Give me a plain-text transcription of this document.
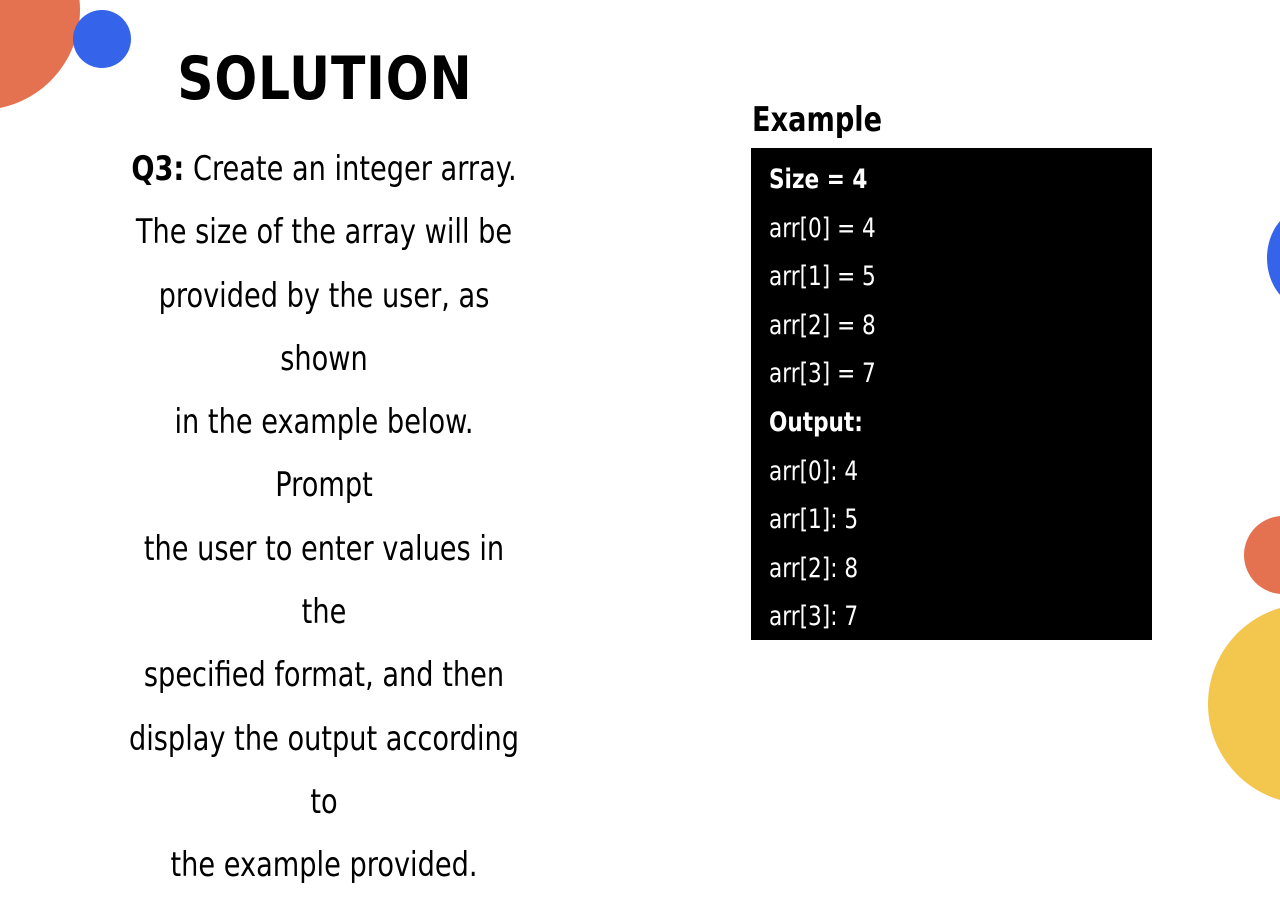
SOLUTION
Q3: Create an integer array.
The size of the array will be
provided by the user, as shown
in the example below. Prompt
the user to enter values in the
specified format, and then
display the output according to
the example provided.
Example
Size = 4
arr[0] = 4
arr[1] = 5
arr[2] = 8
arr[3] = 7
Output:
arr[0]: 4
arr[1]: 5
arr[2]: 8
arr[3]: 7
